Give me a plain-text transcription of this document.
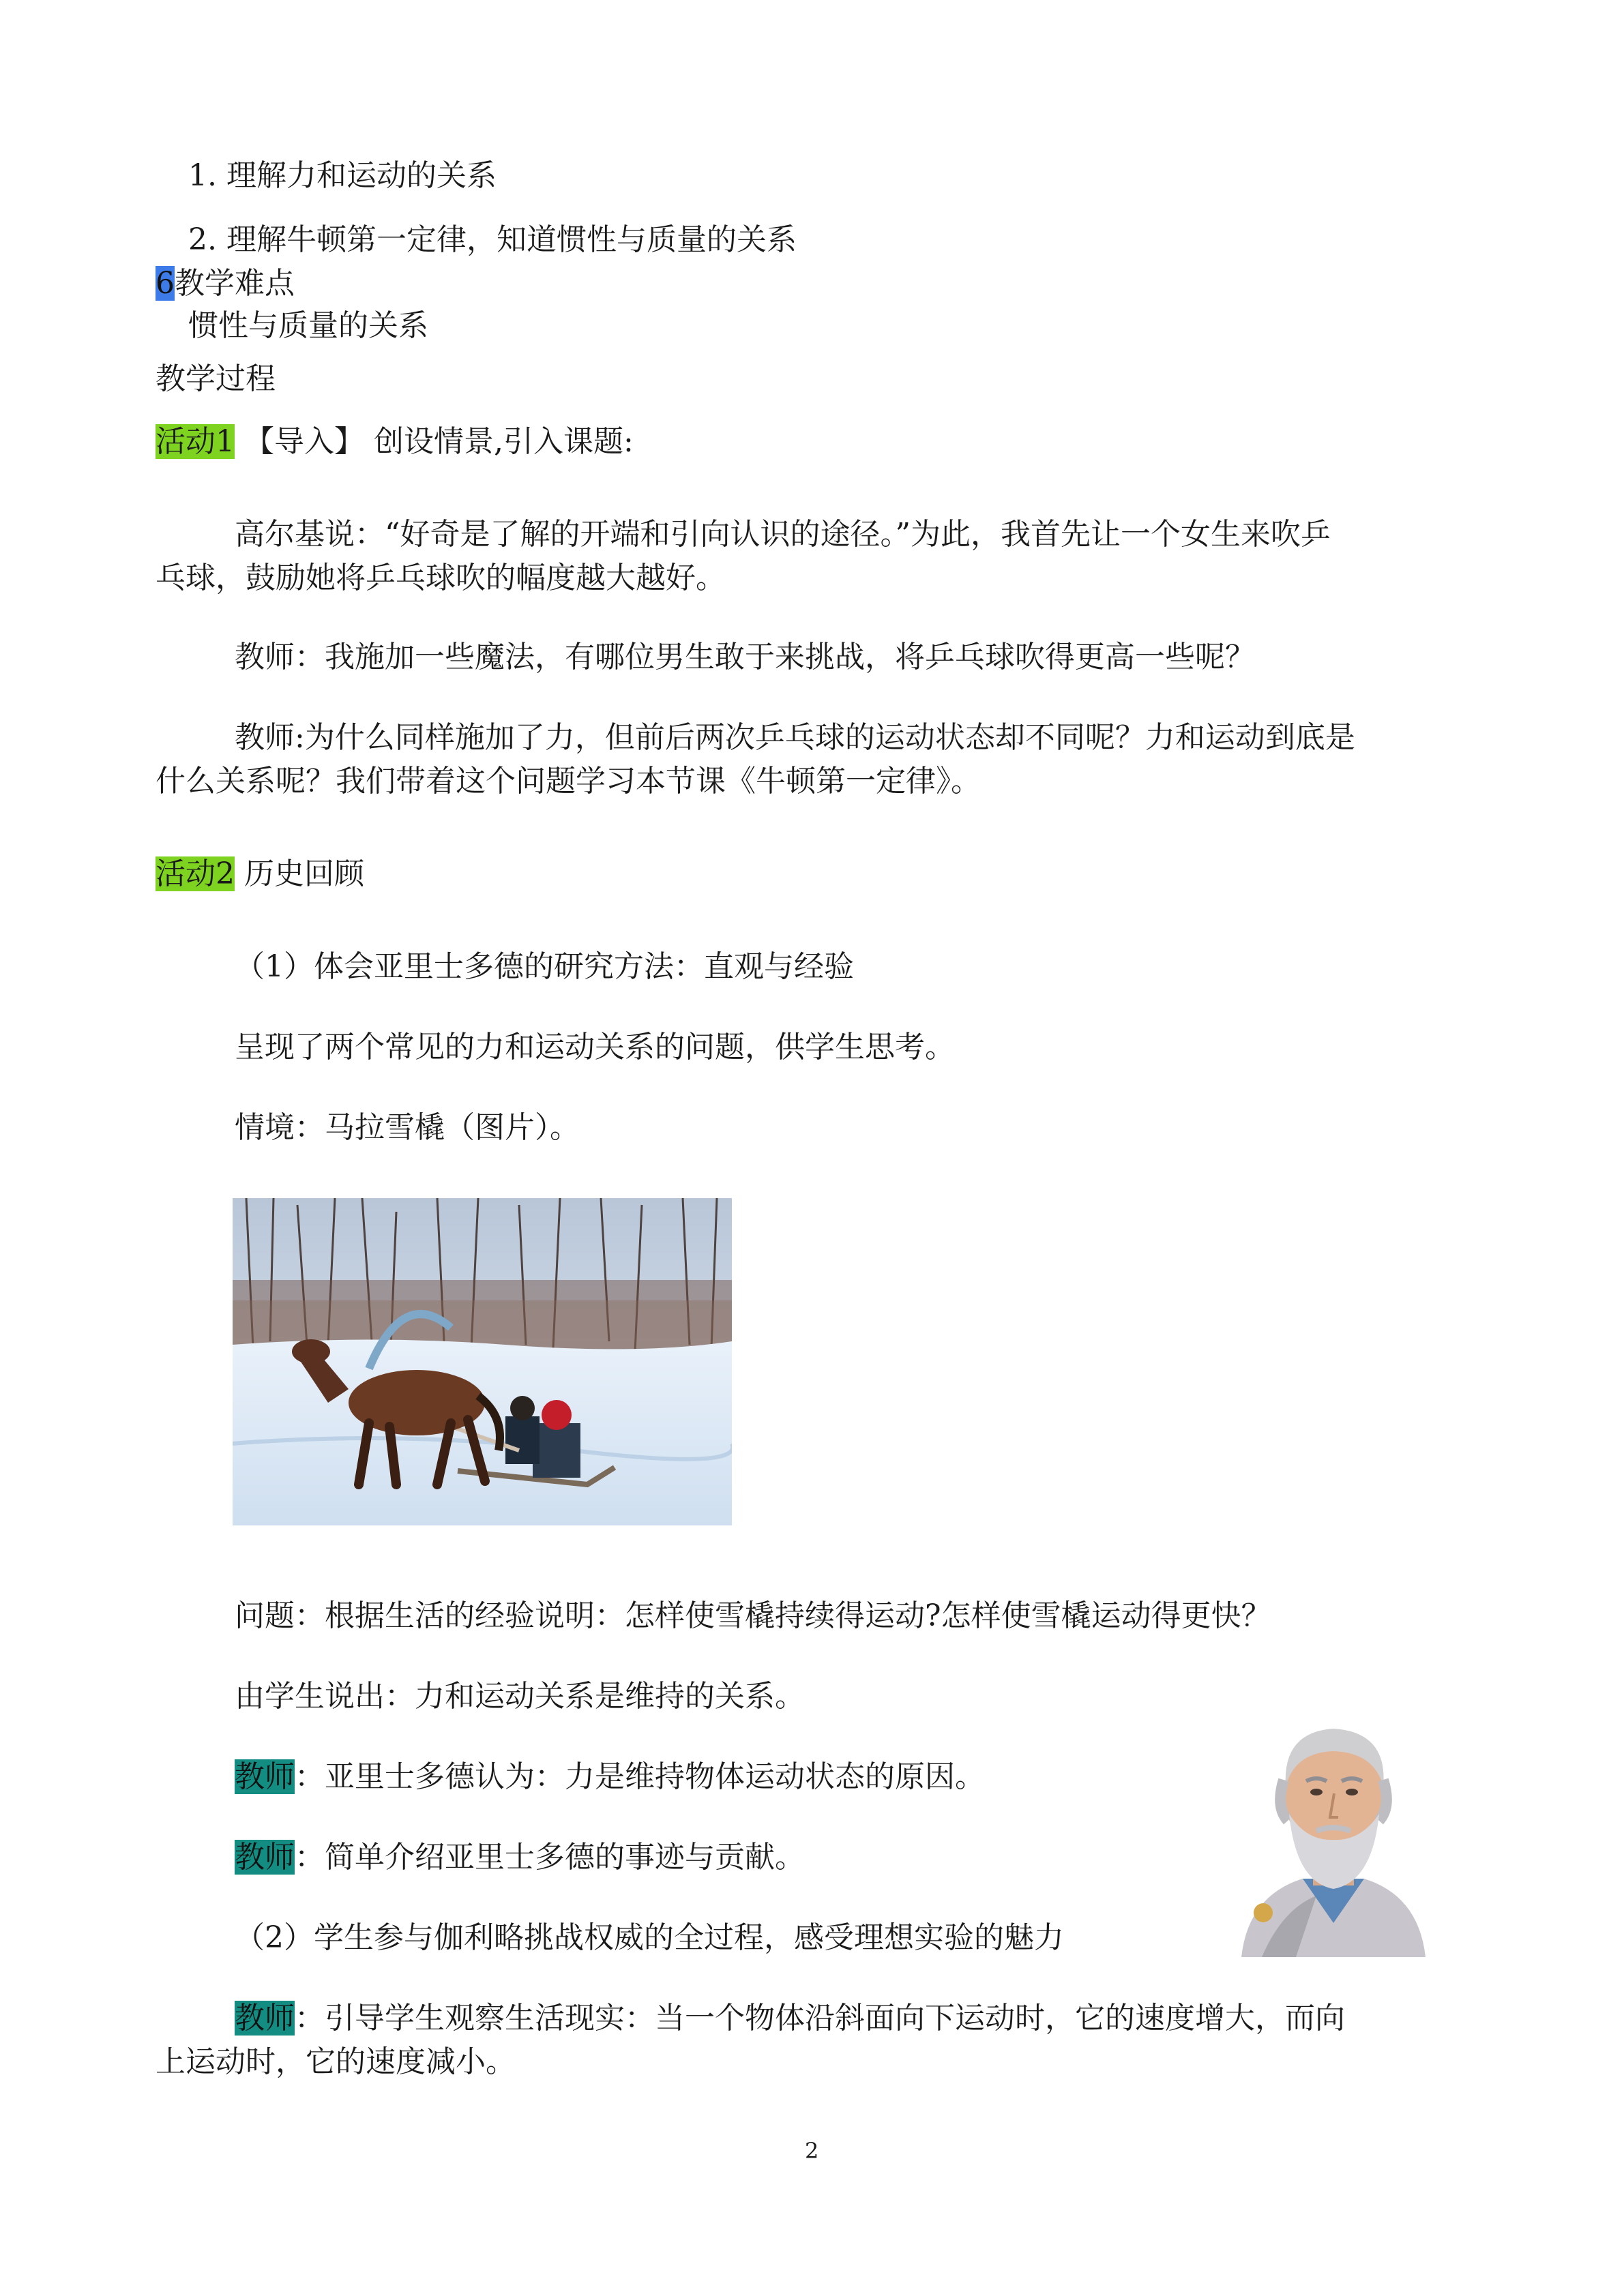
1. 理解力和运动的关系
2. 理解牛顿第一定律，知道惯性与质量的关系
6教学难点
惯性与质量的关系
教学过程
活动1 【导入】 创设情景,引入课题:
高尔基说：“好奇是了解的开端和引向认识的途径。”为此，我首先让一个女生来吹乒
乓球，鼓励她将乒乓球吹的幅度越大越好。
教师：我施加一些魔法，有哪位男生敢于来挑战，将乒乓球吹得更高一些呢？
教师:为什么同样施加了力，但前后两次乒乓球的运动状态却不同呢？力和运动到底是
什么关系呢？我们带着这个问题学习本节课《牛顿第一定律》。
活动2 历史回顾
（1）体会亚里士多德的研究方法：直观与经验
呈现了两个常见的力和运动关系的问题，供学生思考。
情境：马拉雪橇（图片）。
问题：根据生活的经验说明：怎样使雪橇持续得运动?怎样使雪橇运动得更快？
由学生说出：力和运动关系是维持的关系。
教师：亚里士多德认为：力是维持物体运动状态的原因。
教师：简单介绍亚里士多德的事迹与贡献。
（2）学生参与伽利略挑战权威的全过程，感受理想实验的魅力
教师：引导学生观察生活现实：当一个物体沿斜面向下运动时，它的速度增大，而向
上运动时，它的速度减小。
2
